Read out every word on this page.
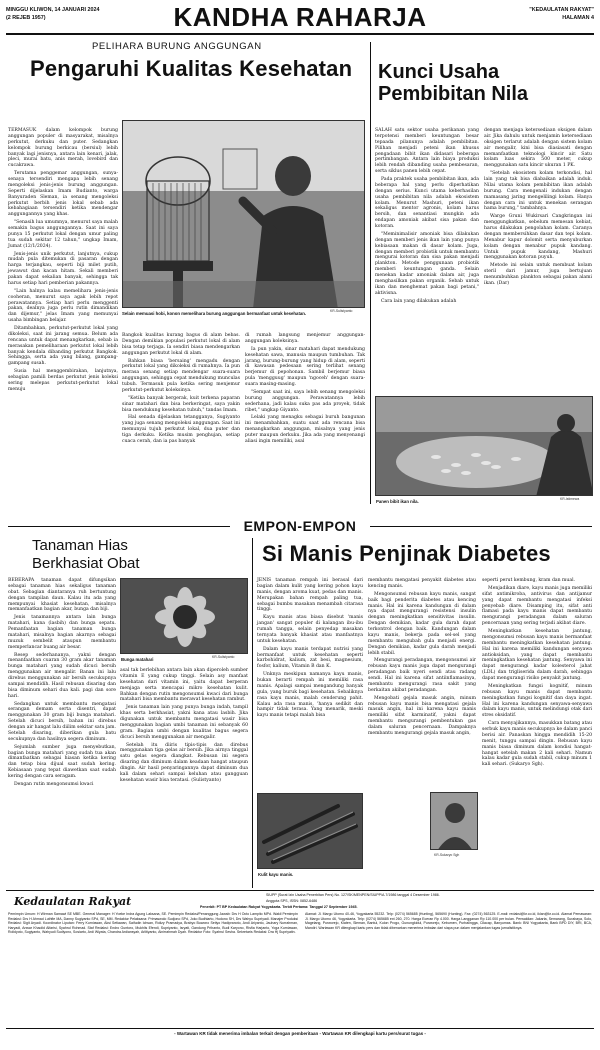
MINGGU KLIWON, 14 JANUARI 2024
(2 REJEB 1957)	KANDHA RAHARJA	"KEDAULATAN RAKYAT"
HALAMAN 4
PELIHARA BURUNG ANGGUNGAN
Pengaruhi Kualitas Kesehatan

TERMASUK dalam kelompok burung anggungan populer di masyarakat, misalnya perkutut, derkuku dan puter. Sedangkan kelompok burung berkicau (bersiul) lebih banyak lagi jenisnya, antara lain kenari, jalak, pleci, murai batu, anis merah, lovebird dan cucakrawa.

Terutama penggemar anggungan, sunya-senaya tersendiri mengapa lebih senang mengoleksi jenis-jenis burung anggungan. Seperti dijelaskan Imam Budianto, warga Banyuraden Sleman, ia senang mengoleksi perkutut berbih jenis lokal sebab ada kebahagiaan tersendiri ketika mendengar anggungannya yang khas.

"Senasih lua umumnya, menurut saya malah semakin bagus anggungannya. Saat ini saya punya 15 perkutut lokal dengan umur paling tua sudah sekitar 12 tahun," ungkap Imam, Jumat (12/1/2024).

Jenis-jenis unik perkutut, lanjutnya, cukup mudah pula ditemukan di pasaran dengan harga terjangkau, seperti biji milet putih, jewawut dan kacan hitam. Sekali memberi pakan dapat sekalian banyak, sehingga tak harus setiap hari pemberian pakannya.

"Lain halnya kalau memelihara jenis-jenis cooheran, menurut saya agak lebih repot perawatannya. Setiap hari perlu menggenti pakan, dealnya juga perlu rutin dimandikan dan dijemur," jelas Imam yang memunyai usaha bimbingan belajar.

Ditambahkan, perkutut-perkutut lokal yang dikoleksi, saat ini jarang semua. Belum ada rencana untuk dapat menangkarkan, sebab ia merasakan pemeliharaan perkutut lokal lebih banyak kendala dibanding perkutut Bangkok. Sehingga, serta ada yang bilang, gampang-gampang susah.

Susia hal menggembirakan, lanjutnya, sebagian pamili berdas perkutut jenis koleksi sering melepas perkutut-perkutut lokal menuju

Selain memuasi hobi, konon memelihara burung anggungan bermanfaat untuk kesehatan.	KR-Sulistyanto

Bangkok kualitas kurang bagus di alam bebas. Dengan demikian populasi perkutut lokal di alam bisa tetap terjaga. Ia sendiri biasa mendengarkan anggungan perkutut lokal di alam.

Bahkan biasa 'bersaing' mengadu dengan perkutut lokal yang dikoleksi di rumahnya. Ia pun merasa senang setiap mendengar suara-suara anggungan, sehingga cepat mendukung munculas tubuh. Termasuk pula ketika sering menjemur perkutut-perkutut koleksinya.

"Ketika banyak bergerak, kuit terkena paparan sinar matahari dan bisa berkeringat, saya yakin bisa mendukung kesehatan tubuh," tandas Imam.

Hal senada dijelaskan tetangganya, Sugiyanto yang juga senang mengoleksi anggungan. Saat ini memunyai tujuh perkutut lokal, dua puter dan tiga derkuku. Ketika musim penghujan, setiap cuaca cerah, dan ia pas banyak

di rumah langsung menjemur anggungan-anggungan koleksinya.

Ia pun yakin, sinar matahari dapat mendukung kesehatan sawa, manusia maupun tumbuhan. Tak jarang, burung-burung yang hidup di alam, seperti di kawasan pedesaan sering terlihat senang berjemur di pepohonan. Sambil berjemur biasa pula 'mengguug' maupun 'ngoceh' dengan suara-suara masing-masing.

"Sempat saat ini, saya lebih senang mengoleksi burung anggungan. Perawatannya lebih sederhana, jadi kalau suka pas ada proyek, tidak ribet," ungkap Giyanto.

Lelaki yang menagku sebagai buruh bangunan ini menambahkan, suatu saat ada rencana bisa menangkarkan anggungan, misalnya yang jenis puter maupun derkuku. Jika ada yang menyenangi aliasi ingin memiliki, asal

Kunci Usaha
Pembibitan Nila

SALAH satu sektor usaha perikanan yang terpotensi memberi keuntungan besar tepaada pilanunya adalah pembibitan. Pilihan menjadi peteni ikan khusus pengadaan bibit ikan didasari beberapa pertimbangan. Antara lain biaya produksi lebih rendah dibanding usaha pembesaran, serta siklus panen lebih cepat.

Pada praktek usaha pembibitan ikan, ada beberapa hal yang perlu diperhatikan dengan serius. Kunci utama keberhasilan usaha pembibitan nila adalah ekosistem kolam. Menurut Mashuri, peteni ikan sekaligus mentor agronis, kolam harus bersih, dan senantiasi mungkin ada endapan amoniak akibat sisa pakan dan kotoran.

"Meminimalisir amoniak bisa dilakukan dengan memberi jenis ikan lain yang punya kebiasaan makan di dasar kolam. Juga, dengan memberi probiotik untuk membantu mengurai kotoran dan sisa pakan menjadi plankton. Metode penggunaan probiotik memberi keuntungan ganda. Selain menekan kadar amoniak dalam air, juga menghasilkan pakan organik. Sebab untuk ikan dan menghemat pakan bagi petani," aktivisna.

Cara lain yang dilakukan adalah

dengan menjaga ketersediaan oksigen dalam air. Jika dahulu untuk menjamin ketersediaan oksigen terlarut adalah dengan sistem kolam air mengalir, kini bisa diasiasati dengan memanfaatkan teknologi kincir air. Satu kolam luas sekira 500 meter, cukup menggunakan satu kincir ukuran 1 PK.

"Setelah ekosistem kolam terkondisi, hal lain yang tak bisa diabaikan adalah induk. Nilai utama kolam pembibitan ikan adalah burung. Cara mengenali indukan dengan mamasang jaring mengelilingi kolam. Hanya dengan cara ini untuk menekan serangan hama burung," tambahnya.

Warge Gruni Wukirsari Cangkringan ini menggungkatkan, sebelum memesan kebiat, harus dilakukan pengolahan kolam. Caranya dengan membersihkan dasar dan tepi kolam. Menabur kapur dolomit serta menyuburkan kolam dengan menabur pupuk kandang. Untuk pupuk kandang, Mashuri menggunakan kotoran puyuh.

Metode ini selain untuk membuat kolam steril dari jamur, juga bertujuan menumbuhkan plankton sebagai pakan alami ikan. (Dar)

Panen bibit ikan nila.	KR-Istimewa
EMPON-EMPON
Tanaman Hias
Berkhasiat Obat

BEBERAPA tanaman dapat difungsikan sebagai tanaman hias sekaligus tanaman obat. Sebagian diantaranya ruh bertuntung dengan tampilan daun. Kalau itu ada yang mempunyai khasiat kesehatan, misalnya memanfaatkan bagian akar, bunga dan biji.

Jenis tanamannya antara lain bunga matahari, kana (lasbih) dan bunga sepatu. Pemanfaatan bagian tanaman bunga matahari, misalnya bagian akarnya sebagai muzuk sembelit ataupun membantu memperlancar buang air besar.

Resep sederhananya, yakni dengan menanfaatkan cuaran 30 gram akar tanaman bunga matahari yang sudah dicuci bersih menggunakan air mengalir. Banan ini lalu direbus menggunakan air bersih secukupnya sampai mendidih. Hasil rebusan disaring dan bisa diminum sehari dua kali. pagi dan sore hari.

Sedangkan untuk membantu mengatasi serangan demam serta disentri, dapat menggunakan 30 gram biji bunga matahari. Setelah dicuci bersih, bahan ini direbus dengan air hangat lalu diilim sekitar satu jam. Setelah disaring, diberikan gula batu secukupnya dan hasilnya segera diminum.

Sejumlah sumber juga menyebutkan, bagian bunga matahari yang sudah tua akan dimanfaatkan sebagai hiasan ketika kering dan tetap bisa dijual saat sudah kering. Kebiasaan yang tepat diawetkan saat sudah kering dengan cara seragam.

Dengan rutin mengonsumsi kwaci

Bunga matahari	KR-Sulistyanto

asal tak berlebihan antara lain akan diperoleh sumber vitamin E yang cukup tinggi. Selain asy manfaat kesehatan dari vitamin ini, yaitu dapat berperan menjaga serta mencapai mikro kesehatan kulit. Bahkan dengan rutin mengonsumsi kwaci dari bunga matahari bisa membantu merawat kesehatan rambut.

Jenis tanaman lain yang punya bunga indah, tampil khas serta berkhasiat, yakni kana atau lasbih. Jika digunakan untuk membantu mengatasi wasir bisa menggunakan bagian umbi tanaman ini sebanyak 60 gram. Bagian umbi dengan kualitas bagus segera dicuci bersih menggunakan air mengalir.

Setelah itu diiris tipis-tipis dan direbus menggunakan tiga gelas air bersih. Jika airnya tinggal satu gelas segera diangkat. Rebusan ini segera disaring dan diminum dalam keadaan hangat ataupun dingin. Air hasil penyaringannya dapat diminum dua kali dalam sehari sampai keluhan atau gangguan kesehatan wasir bisa teratasi. (Sulistyanto)

Si Manis Penjinak Diabetes

JENIS tanaman rempah ini berasal dari bagian dalam kulit yang kering pohon kayu manis, dengan aroma kuat, pedas dan manis. Merupakan bahan rempah paling tua, sebagai bumbu masakan menambah citarasa tinggi.

Kayu manis atau biasa disebut 'manis jangan' sangat populer di kalangan ibu-ibu rumah tangga, selain penyedap masakan ternyata banyak khasiat atau manfaatnya untuk kesehatan.

Dalam kayu manis terdapat nutrisi yang bermanfaat untuk kesehatan seperti karbohidrat, kalium, zat besi, magnesium, fosfor, kalium, Vitamin B dan K.

Unknya meskipun namanya kayu manis, bukan berarti rempah ini memiliki rasa manis. Apalagi sampai mengandung banyak gula, yang buruk bagi kesehatan. Sebaliknya rasa kayu manis, malah cenderung pahit. Kalau ada rasa manis, 'hanya sedikit dan hampir tidak terasa. Yang menarik, meski kayu manis tetapi malah bisa

Kulit kayu manis.

membantu mengatasi penyakit diabetes atau kencing manis.

Mengonsumsi rebusan kayu manis, sangat baik bagi penderita diabetes atau kencing manis. Hal ini karena kandungan di dalam nya dapat mengurangi resistensi insulin dengan meningkatkan sensitivitas insulin. Dengan demikian, kadar gula darah dapat terkontrol dengan baik. Kandungan dalam kayu manis, bekerja pada sel-sel yang membantu mengubah gula menjadi energi. Dengan demikian, kadar gula darah menjadi lebih stabil.

Mengurangi peradangan, mengonsumsi air rebusan kayu manis juga dapat mengurangi peradangan baik nyeri sendi atau radang sendi. Hal ini karena sifat antiinflamasinya, membantu mengurangi rasa sakit yang berkaitan akibat peradangan.

Mengobati gejala masuk angin, minum rebusan kayu manis bisa mengatasi gejala masuk angin, hal ini karena kayu manis memiliki sifat karminatif, yakni dapat membantu mengurangi pembentukan gas dalam saluran pencernaan. Dampaknya membantu mengurangi gejala masuk angin,

KR-Sukaryo Sgh

seperti perut kembung, kram dan mual.

Menjadikan diare, kayu manis juga memiliki sifat antimikroba, antivirus dan antijamur yang dapat membantu mengatasi infeksi penyebab diare. Disamping itu, sifat anti flamasi pada kayu manis dapat membantu mengurangi peradangan dalam saluran pencernaan yang sering terjadi akibat diare.

Meningkatkan kesehatan jantung, mengonsumsi rebusan kayu manis bermanfaat membantu meningkatkan kesehatan jantung. Hal ini karena memiliki kandungan senyawa antioksidan, yang dapat membantu meningkatkan kesehatan jantung. Senyawa ini dapat mengurangi kadar kolesterol jahat (LDL) dan trigliserida dalam darah, sehingga dapat mengurangi risiko penyakit jantung.

Meningkatkan fungsi kognitif, minum rebusan kayu manis dapat membantu meningkatkan fungsi kognitif dan daya ingat. Hal ini karena kandungan senyawa-senyawa dalam kayu manis, untuk melindungi otak dari stres oksidatif.

Cara menyajikannya, masukkan batang atau serbuk kayu manis secukupnya ke dalam panci berisi air. Panaskan hingga mendidih 15-20 menit, tunggu sampai dingin. Rebusan kayu manis biasa diminum dalam kondisi hangat-hangat setelah makan 2 kali sehari. Namun kalau kadar gula sudah stabil, cukup minum 1 kali sehari. (Sukaryo Sgh).

Kedaulatan Rakyat	SIUPP (Surat Izin Usaha Penerbitan Pers) No. 127/SK/MENPEN/SIUPP/A.7/1986 tanggal 4 Desember 1986.
Anggota SPS, ISSN: 0852-6486
Penerbit: PT BP Kedaulatan Rakyat Yogyakarta. Terbit Pertama: Tanggal 27 September 1945.
Pemimpin Umum: H Wirman Samawi SE MBE. General Manager: H Yoeke Indra Agung Laksana, SE. Pemimpin Redaksi/Penanggung Jawab: Drs H Octo Lampito MPd. Wakil Pemimpin Redaksi: Drs H Ahmad Luthfie MA, Danny Sugiyanto SPd, SE, MM. Redaktur Pelaksana: Primaswolo Sudjono SPd, Joko Budhiarto, Hudono SH, Drs Wahyu Supriyadi. Manajer Produksi Redaksi: Sigit Aryadi. Koordinator Liputan: Ferry Kurniawan, Aksi Setiawan, Saifudin Ichsan, Rolizy Pramadya, Brabyo Buwono Setiyo Hadipranoto, Andi Ariyanto, Jauhary Nurrahman, Haryadi, Anwar Khaolid Alfarisi, Syahrul Rohmad. Staf Redaksi: Endro Guntoro, Mukhlis Efendi, Supriyanto, Isryati, Gandung Prihanto, Budi Karyono, Risfia Harjanto, Yoga Kurniawan, Rolidyoto, Sugiyanto, Wahyudi Sudiyono, Sosiarto, Ardi Wiyata, Chandra Ardiansyah, Arlitiyanto, Ainirrahmah Dyah. Redaktur Foto: Syahrul Sesha. Sekretaris Redaksi: Dra Hj Supriyatin.
Alamat: Jl. Margo Utomo 40-46, Yogyakarta 55232. Telp: (0274) 565685 (Hunting), 565690 (Hunting). Fax: (0274) 563125. E-mail: redaksi@kr.co.id, iklan@kr.co.id. Alamat Pemasaran: Jl. Margo Utomo 46, Yogyakarta. Telp: (0274) 565685 ext 260, 270. Harga Eceran Rp 4.000. Harga Langganan Rp 110.000 per bulan. Perwakilan: Jakarta, Semarang, Surabaya, Solo, Magelang, Purworejo, Klaten, Sleman, Bantul, Kulon Progo, Gunungkidul, Purworejo, Kebumen, Purbalingga, Cilacap, Banyumas. Bank: BNI Yogyakarta, Bank BPD DIY, BRI, BCA, Mandiri. Wartawan KR dilengkapi kartu pers dan tidak dibenarkan menerima imbalan dari siapa pun dalam menjalankan tugas jurnalistiknya.
- Wartawan KR tidak menerima imbalan terkait dengan pemberitaan - Wartawan KR dilengkapi kartu pers/surat tugas -
